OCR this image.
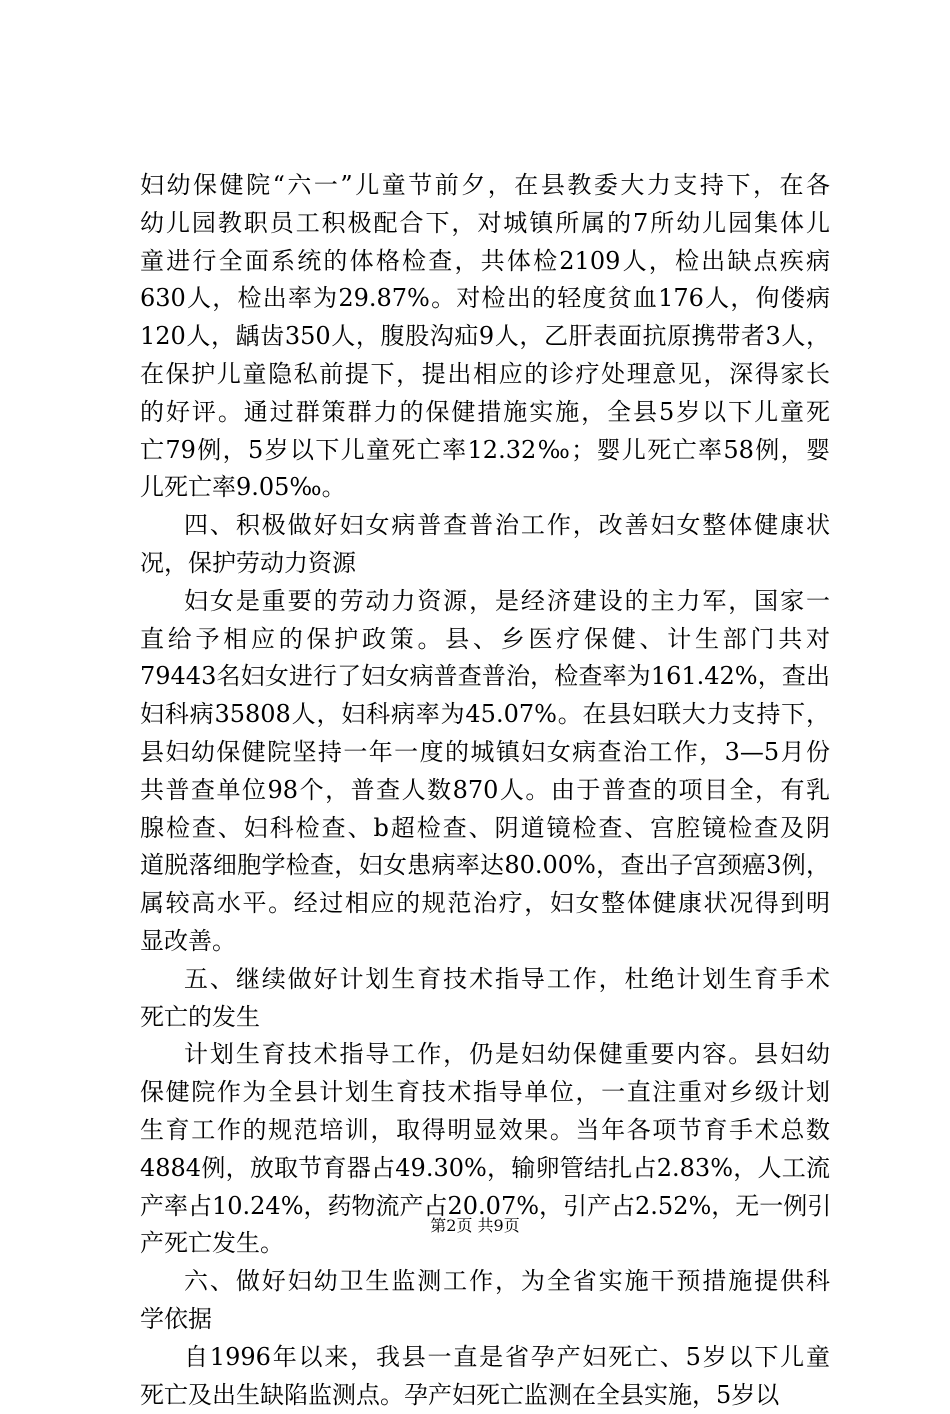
妇幼保健院“六一”儿童节前夕，在县教委大力支持下，在各
幼儿园教职员工积极配合下，对城镇所属的7所幼儿园集体儿
童进行全面系统的体格检查，共体检2109人，检出缺点疾病
630人，检出率为29.87%。对检出的轻度贫血176人，佝偻病
120人，龋齿350人，腹股沟疝9人，乙肝表面抗原携带者3人，
在保护儿童隐私前提下，提出相应的诊疗处理意见，深得家长
的好评。通过群策群力的保健措施实施，全县5岁以下儿童死
亡79例，5岁以下儿童死亡率12.32‰；婴儿死亡率58例，婴
儿死亡率9.05‰。
四、积极做好妇女病普查普治工作，改善妇女整体健康状
况，保护劳动力资源
妇女是重要的劳动力资源，是经济建设的主力军，国家一
直给予相应的保护政策。县、乡医疗保健、计生部门共对
79443名妇女进行了妇女病普查普治，检查率为161.42%，查出
妇科病35808人，妇科病率为45.07%。在县妇联大力支持下，
县妇幼保健院坚持一年一度的城镇妇女病查治工作，3—5月份
共普查单位98个，普查人数870人。由于普查的项目全，有乳
腺检查、妇科检查、b超检查、阴道镜检查、宫腔镜检查及阴
道脱落细胞学检查，妇女患病率达80.00%，查出子宫颈癌3例，
属较高水平。经过相应的规范治疗，妇女整体健康状况得到明
显改善。
五、继续做好计划生育技术指导工作，杜绝计划生育手术
死亡的发生
计划生育技术指导工作，仍是妇幼保健重要内容。县妇幼
保健院作为全县计划生育技术指导单位，一直注重对乡级计划
生育工作的规范培训，取得明显效果。当年各项节育手术总数
4884例，放取节育器占49.30%，输卵管结扎占2.83%，人工流
产率占10.24%，药物流产占20.07%，引产占2.52%，无一例引
产死亡发生。
六、做好妇幼卫生监测工作，为全省实施干预措施提供科
学依据
自1996年以来，我县一直是省孕产妇死亡、5岁以下儿童
死亡及出生缺陷监测点。孕产妇死亡监测在全县实施，5岁以
第2页 共9页
